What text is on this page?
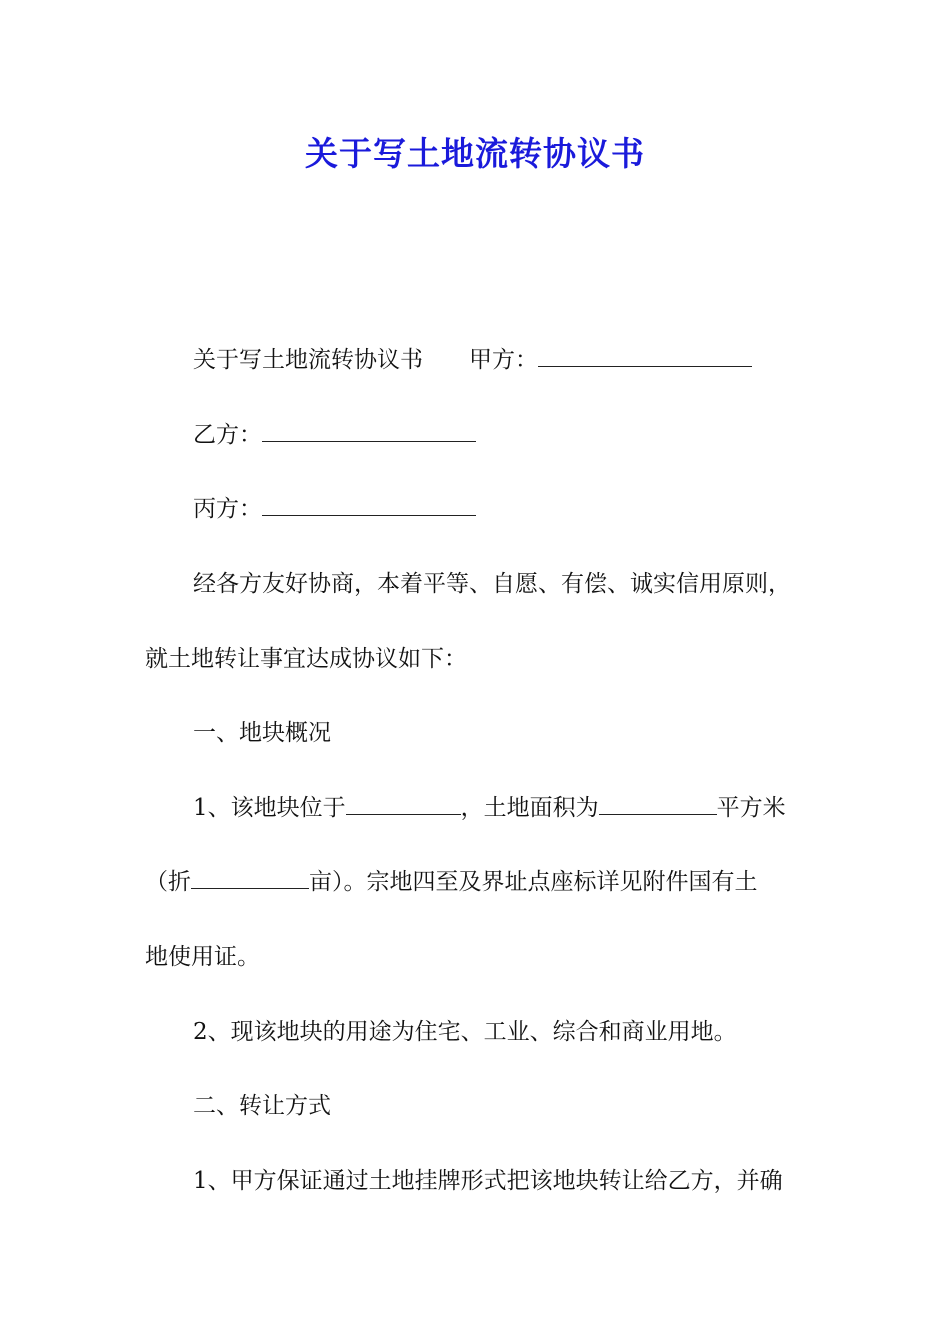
关于写土地流转协议书

关于写土地流转协议书 甲方：

乙方：

丙方：

经各方友好协商，本着平等、自愿、有偿、诚实信用原则，

就土地转让事宜达成协议如下：

一、地块概况

1、该地块位于	，土地面积为	平方米

（折	亩）。宗地四至及界址点座标详见附件国有土

地使用证。

2、现该地块的用途为住宅、工业、综合和商业用地。

二、转让方式

1、甲方保证通过土地挂牌形式把该地块转让给乙方，并确
